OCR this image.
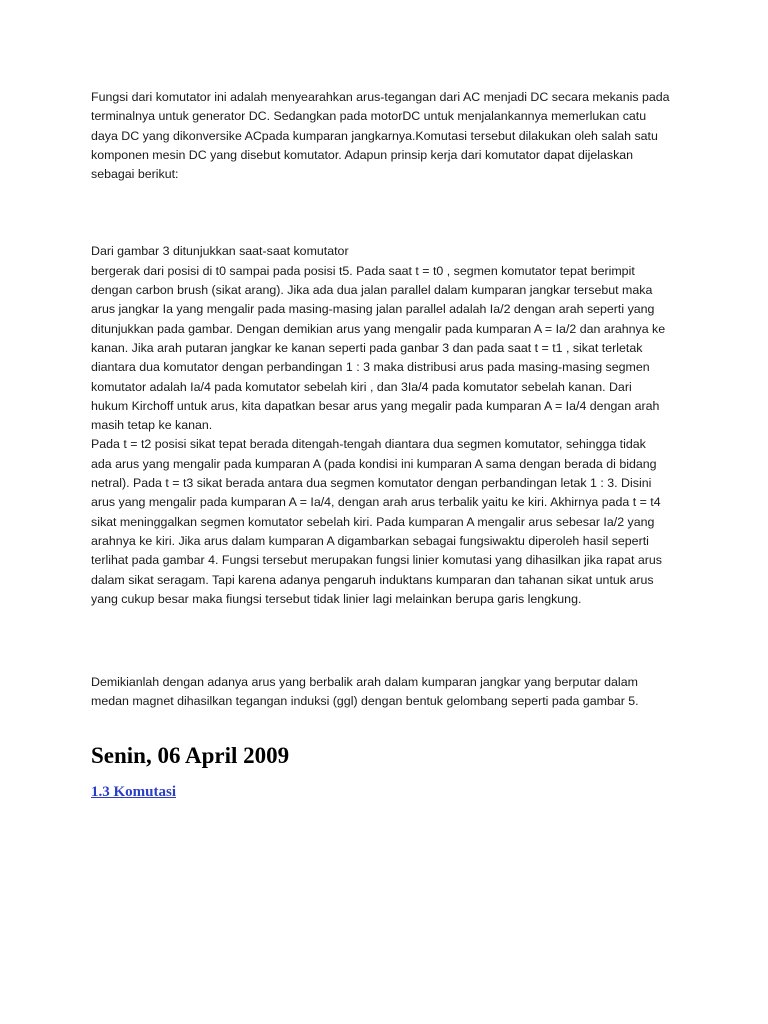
Fungsi dari komutator ini adalah menyearahkan arus-tegangan dari AC menjadi DC secara mekanis pada
terminalnya untuk generator DC. Sedangkan pada motorDC untuk menjalankannya memerlukan catu
daya DC yang dikonversike ACpada kumparan jangkarnya.Komutasi tersebut dilakukan oleh salah satu
komponen mesin DC yang disebut komutator. Adapun prinsip kerja dari komutator dapat dijelaskan
sebagai berikut:

Dari gambar 3 ditunjukkan saat-saat komutator
bergerak dari posisi di t0 sampai pada posisi t5. Pada saat t = t0 , segmen komutator tepat berimpit
dengan carbon brush (sikat arang). Jika ada dua jalan parallel dalam kumparan jangkar tersebut maka
arus jangkar Ia yang mengalir pada masing-masing jalan parallel adalah Ia/2 dengan arah seperti yang
ditunjukkan pada gambar. Dengan demikian arus yang mengalir pada kumparan A = Ia/2 dan arahnya ke
kanan. Jika arah putaran jangkar ke kanan seperti pada ganbar 3 dan pada saat t = t1 , sikat terletak
diantara dua komutator dengan perbandingan 1 : 3 maka distribusi arus pada masing-masing segmen
komutator adalah Ia/4 pada komutator sebelah kiri , dan 3Ia/4 pada komutator sebelah kanan. Dari
hukum Kirchoff untuk arus, kita dapatkan besar arus yang megalir pada kumparan A = Ia/4 dengan arah
masih tetap ke kanan.
Pada t = t2 posisi sikat tepat berada ditengah-tengah diantara dua segmen komutator, sehingga tidak
ada arus yang mengalir pada kumparan A (pada kondisi ini kumparan A sama dengan berada di bidang
netral). Pada t = t3 sikat berada antara dua segmen komutator dengan perbandingan letak 1 : 3. Disini
arus yang mengalir pada kumparan A = Ia/4, dengan arah arus terbalik yaitu ke kiri. Akhirnya pada t = t4
sikat meninggalkan segmen komutator sebelah kiri. Pada kumparan A mengalir arus sebesar Ia/2 yang
arahnya ke kiri. Jika arus dalam kumparan A digambarkan sebagai fungsiwaktu diperoleh hasil seperti
terlihat pada gambar 4. Fungsi tersebut merupakan fungsi linier komutasi yang dihasilkan jika rapat arus
dalam sikat seragam. Tapi karena adanya pengaruh induktans kumparan dan tahanan sikat untuk arus
yang cukup besar maka fiungsi tersebut tidak linier lagi melainkan berupa garis lengkung.

Demikianlah dengan adanya arus yang berbalik arah dalam kumparan jangkar yang berputar dalam
medan magnet dihasilkan tegangan induksi (ggl) dengan bentuk gelombang seperti pada gambar 5.

Senin, 06 April 2009
1.3 Komutasi
